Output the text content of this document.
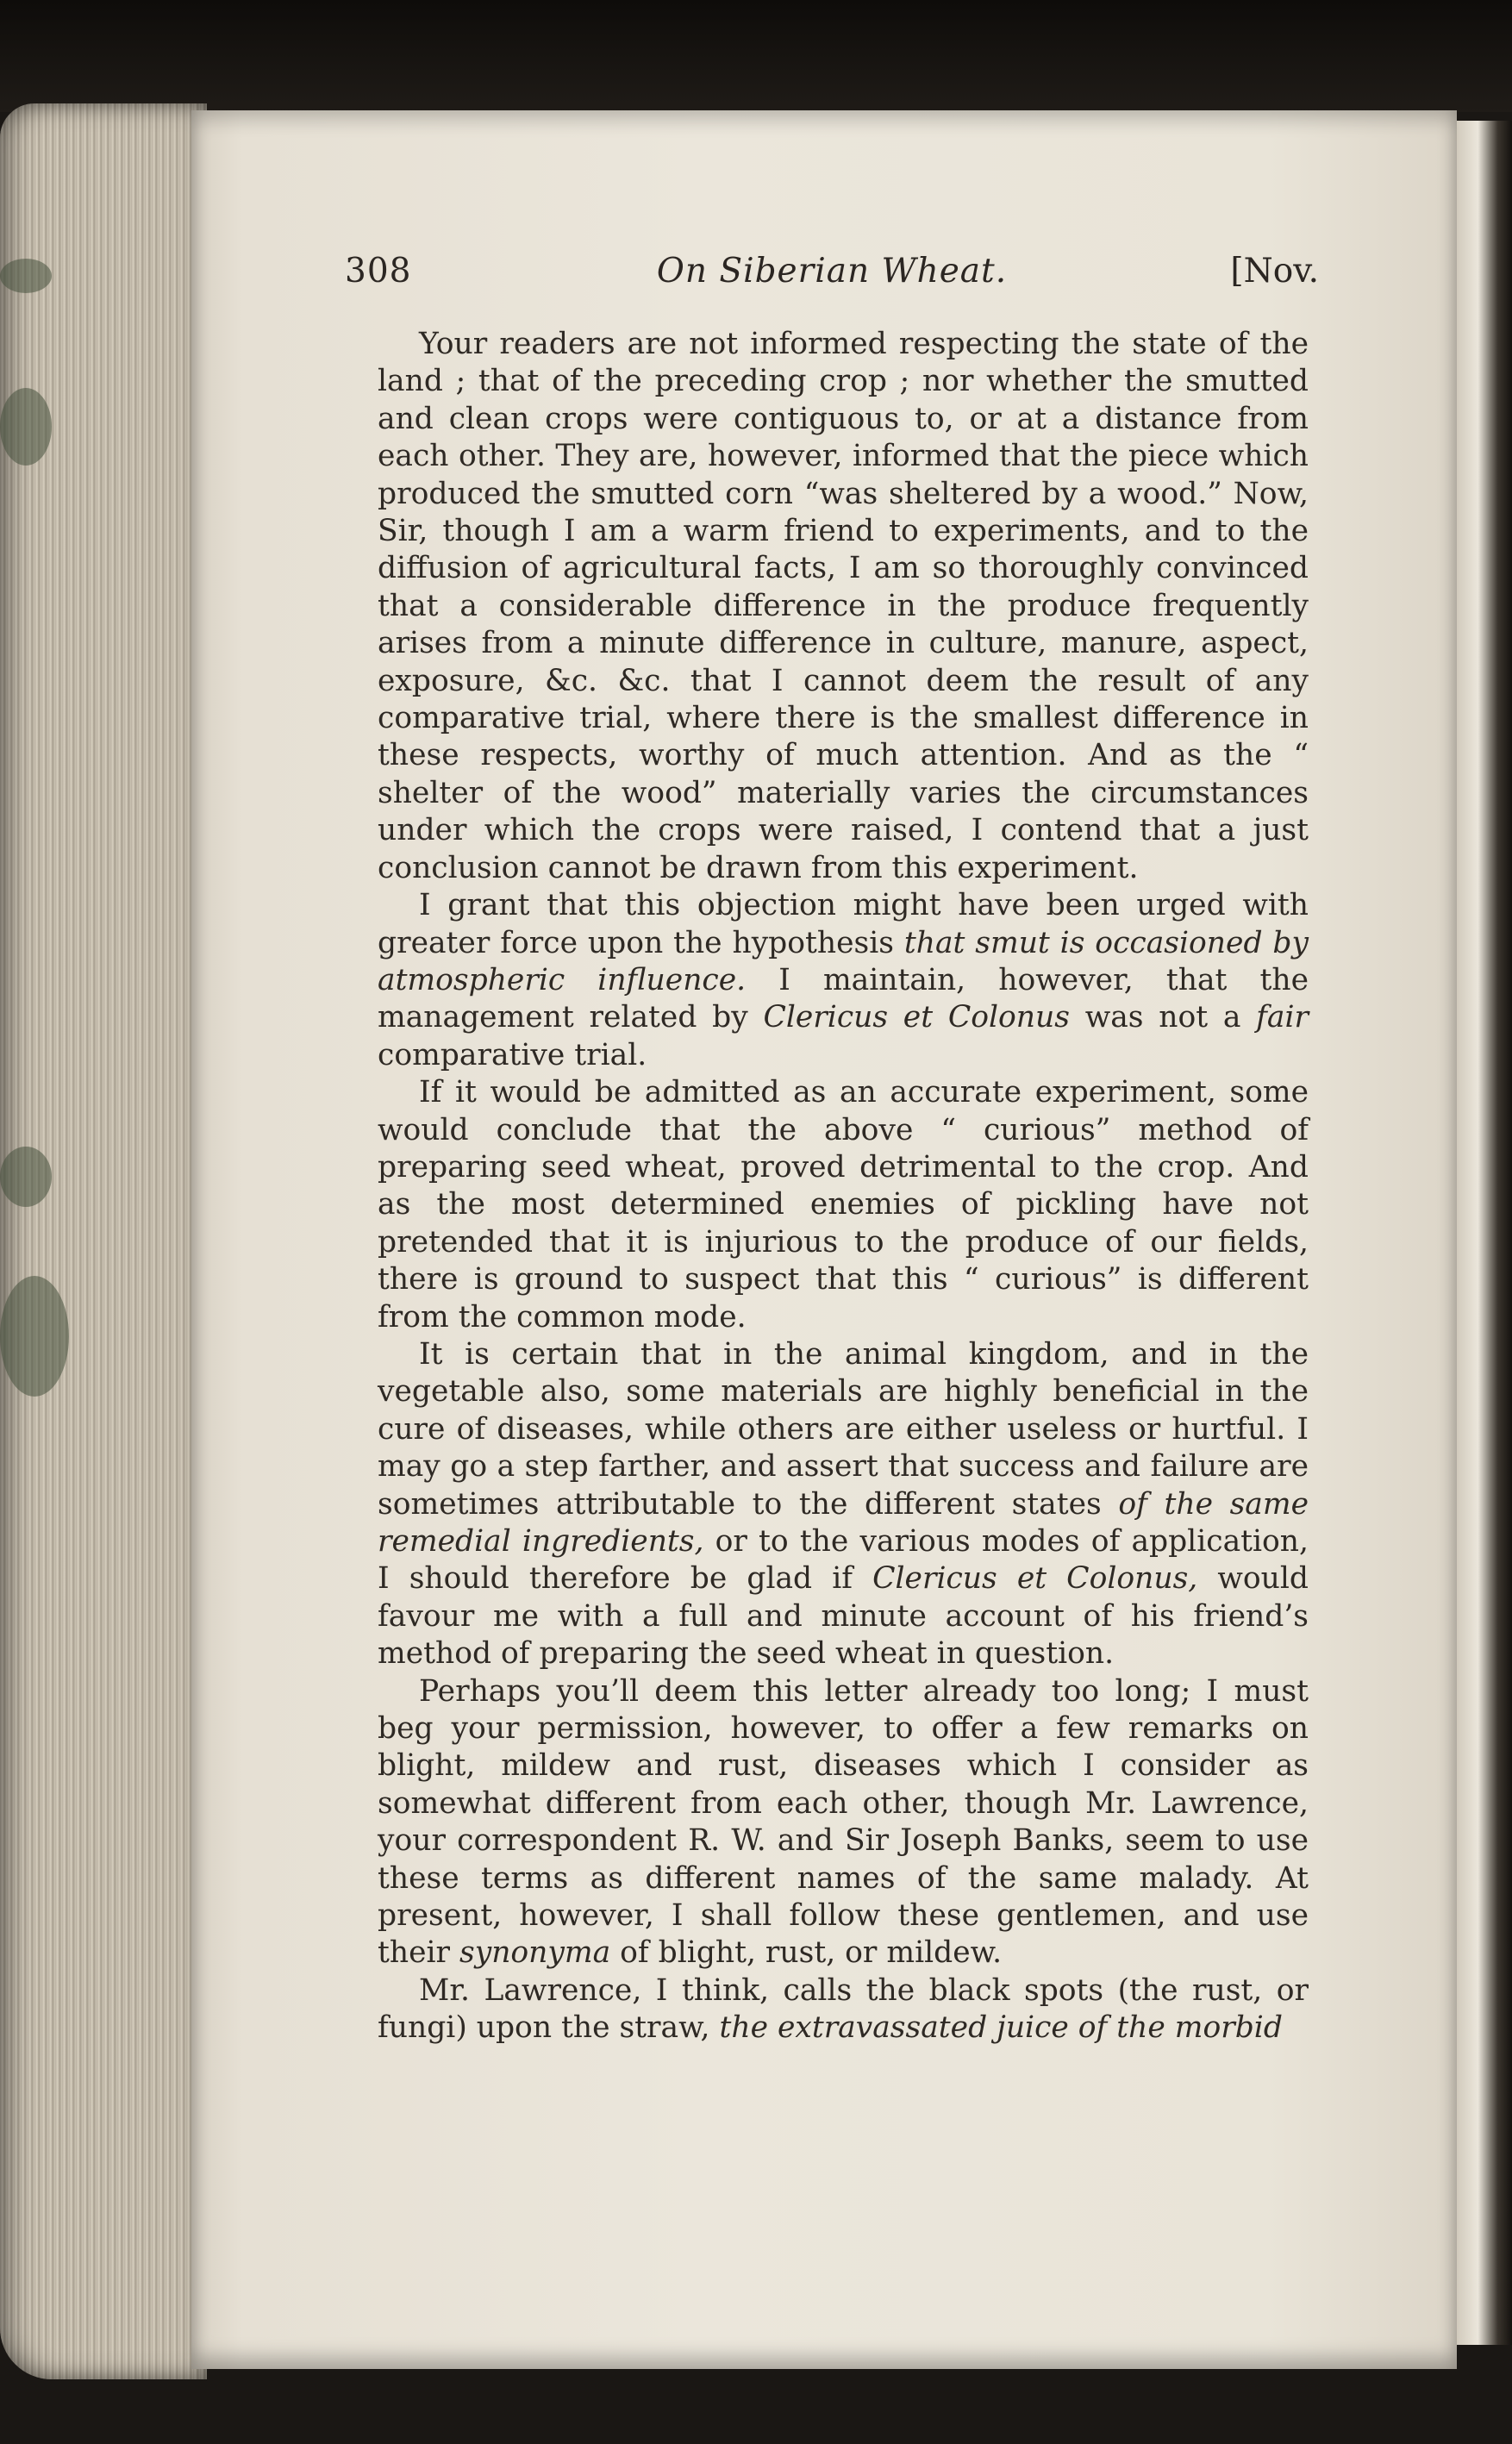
308	On Siberian Wheat.	[Nov.

Your readers are not informed respecting the state of the land ; that of the preceding crop ; nor whether the smutted and clean crops were contiguous to, or at a distance from each other. They are, however, informed that the piece which produced the smutted corn “was sheltered by a wood.” Now, Sir, though I am a warm friend to experiments, and to the diffusion of agricultural facts, I am so thoroughly convinced that a considerable difference in the produce frequently arises from a minute difference in culture, manure, aspect, exposure, &c. &c. that I cannot deem the result of any comparative trial, where there is the smallest difference in these respects, worthy of much attention. And as the “ shelter of the wood” materially varies the circumstances under which the crops were raised, I contend that a just conclusion cannot be drawn from this experiment.

I grant that this objection might have been urged with greater force upon the hypothesis that smut is occasioned by atmospheric influence. I maintain, however, that the management related by Clericus et Colonus was not a fair comparative trial.

If it would be admitted as an accurate experiment, some would conclude that the above “ curious” method of preparing seed wheat, proved detrimental to the crop. And as the most determined enemies of pickling have not pretended that it is injurious to the produce of our fields, there is ground to suspect that this “ curious” is different from the common mode.

It is certain that in the animal kingdom, and in the vegetable also, some materials are highly beneficial in the cure of diseases, while others are either useless or hurtful. I may go a step farther, and assert that success and failure are sometimes attributable to the different states of the same remedial ingredients, or to the various modes of application, I should therefore be glad if Clericus et Colonus, would favour me with a full and minute account of his friend’s method of preparing the seed wheat in question.

Perhaps you’ll deem this letter already too long; I must beg your permission, however, to offer a few remarks on blight, mildew and rust, diseases which I consider as somewhat different from each other, though Mr. Lawrence, your correspondent R. W. and Sir Joseph Banks, seem to use these terms as different names of the same malady. At present, however, I shall follow these gentlemen, and use their synonyma of blight, rust, or mildew.

Mr. Lawrence, I think, calls the black spots (the rust, or fungi) upon the straw, the extravassated juice of the morbid
